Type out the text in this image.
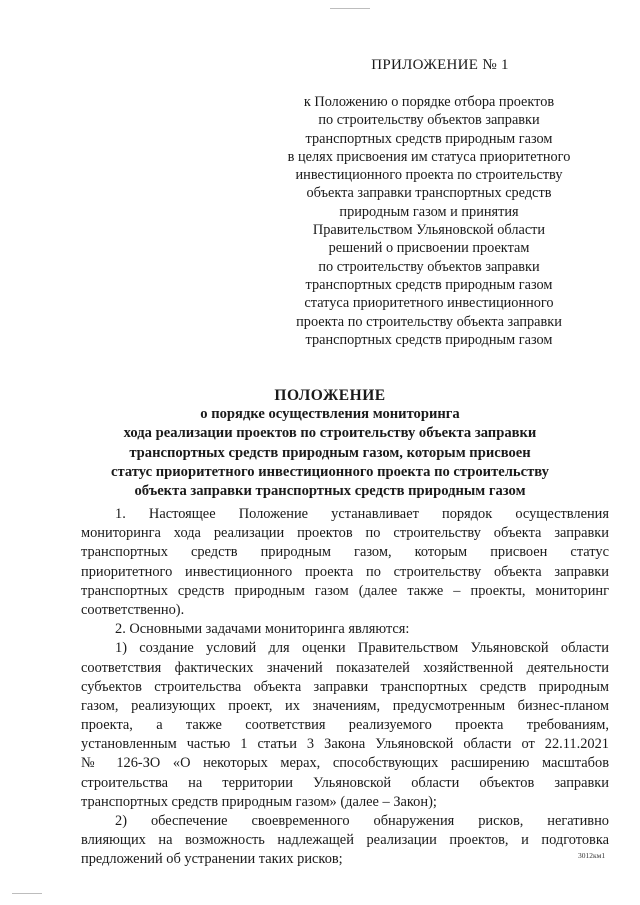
ПРИЛОЖЕНИЕ № 1
к Положению о порядке отбора проектов
по строительству объектов заправки
транспортных средств природным газом
в целях присвоения им статуса приоритетного
инвестиционного проекта по строительству
объекта заправки транспортных средств
природным газом и принятия
Правительством Ульяновской области
решений о присвоении проектам
по строительству объектов заправки
транспортных средств природным газом
статуса приоритетного инвестиционного
проекта по строительству объекта заправки
транспортных средств природным газом
ПОЛОЖЕНИЕ
о порядке осуществления мониторинга
хода реализации проектов по строительству объекта заправки
транспортных средств природным газом, которым присвоен
статус приоритетного инвестиционного проекта по строительству
объекта заправки транспортных средств природным газом
1. Настоящее Положение устанавливает порядок осуществления
мониторинга хода реализации проектов по строительству объекта заправки
транспортных средств природным газом, которым присвоен статус
приоритетного инвестиционного проекта по строительству объекта заправки
транспортных средств природным газом (далее также – проекты, мониторинг
соответственно).
2. Основными задачами мониторинга являются:
1) создание условий для оценки Правительством Ульяновской области
соответствия фактических значений показателей хозяйственной деятельности
субъектов строительства объекта заправки транспортных средств природным
газом, реализующих проект, их значениям, предусмотренным бизнес-планом
проекта, а также соответствия реализуемого проекта требованиям,
установленным частью 1 статьи 3 Закона Ульяновской области от 22.11.2021
№ 126-ЗО «О некоторых мерах, способствующих расширению масштабов
строительства на территории Ульяновской области объектов заправки
транспортных средств природным газом» (далее – Закон);
2) обеспечение своевременного обнаружения рисков, негативно
влияющих на возможность надлежащей реализации проектов, и подготовка
предложений об устранении таких рисков;	3012км1
